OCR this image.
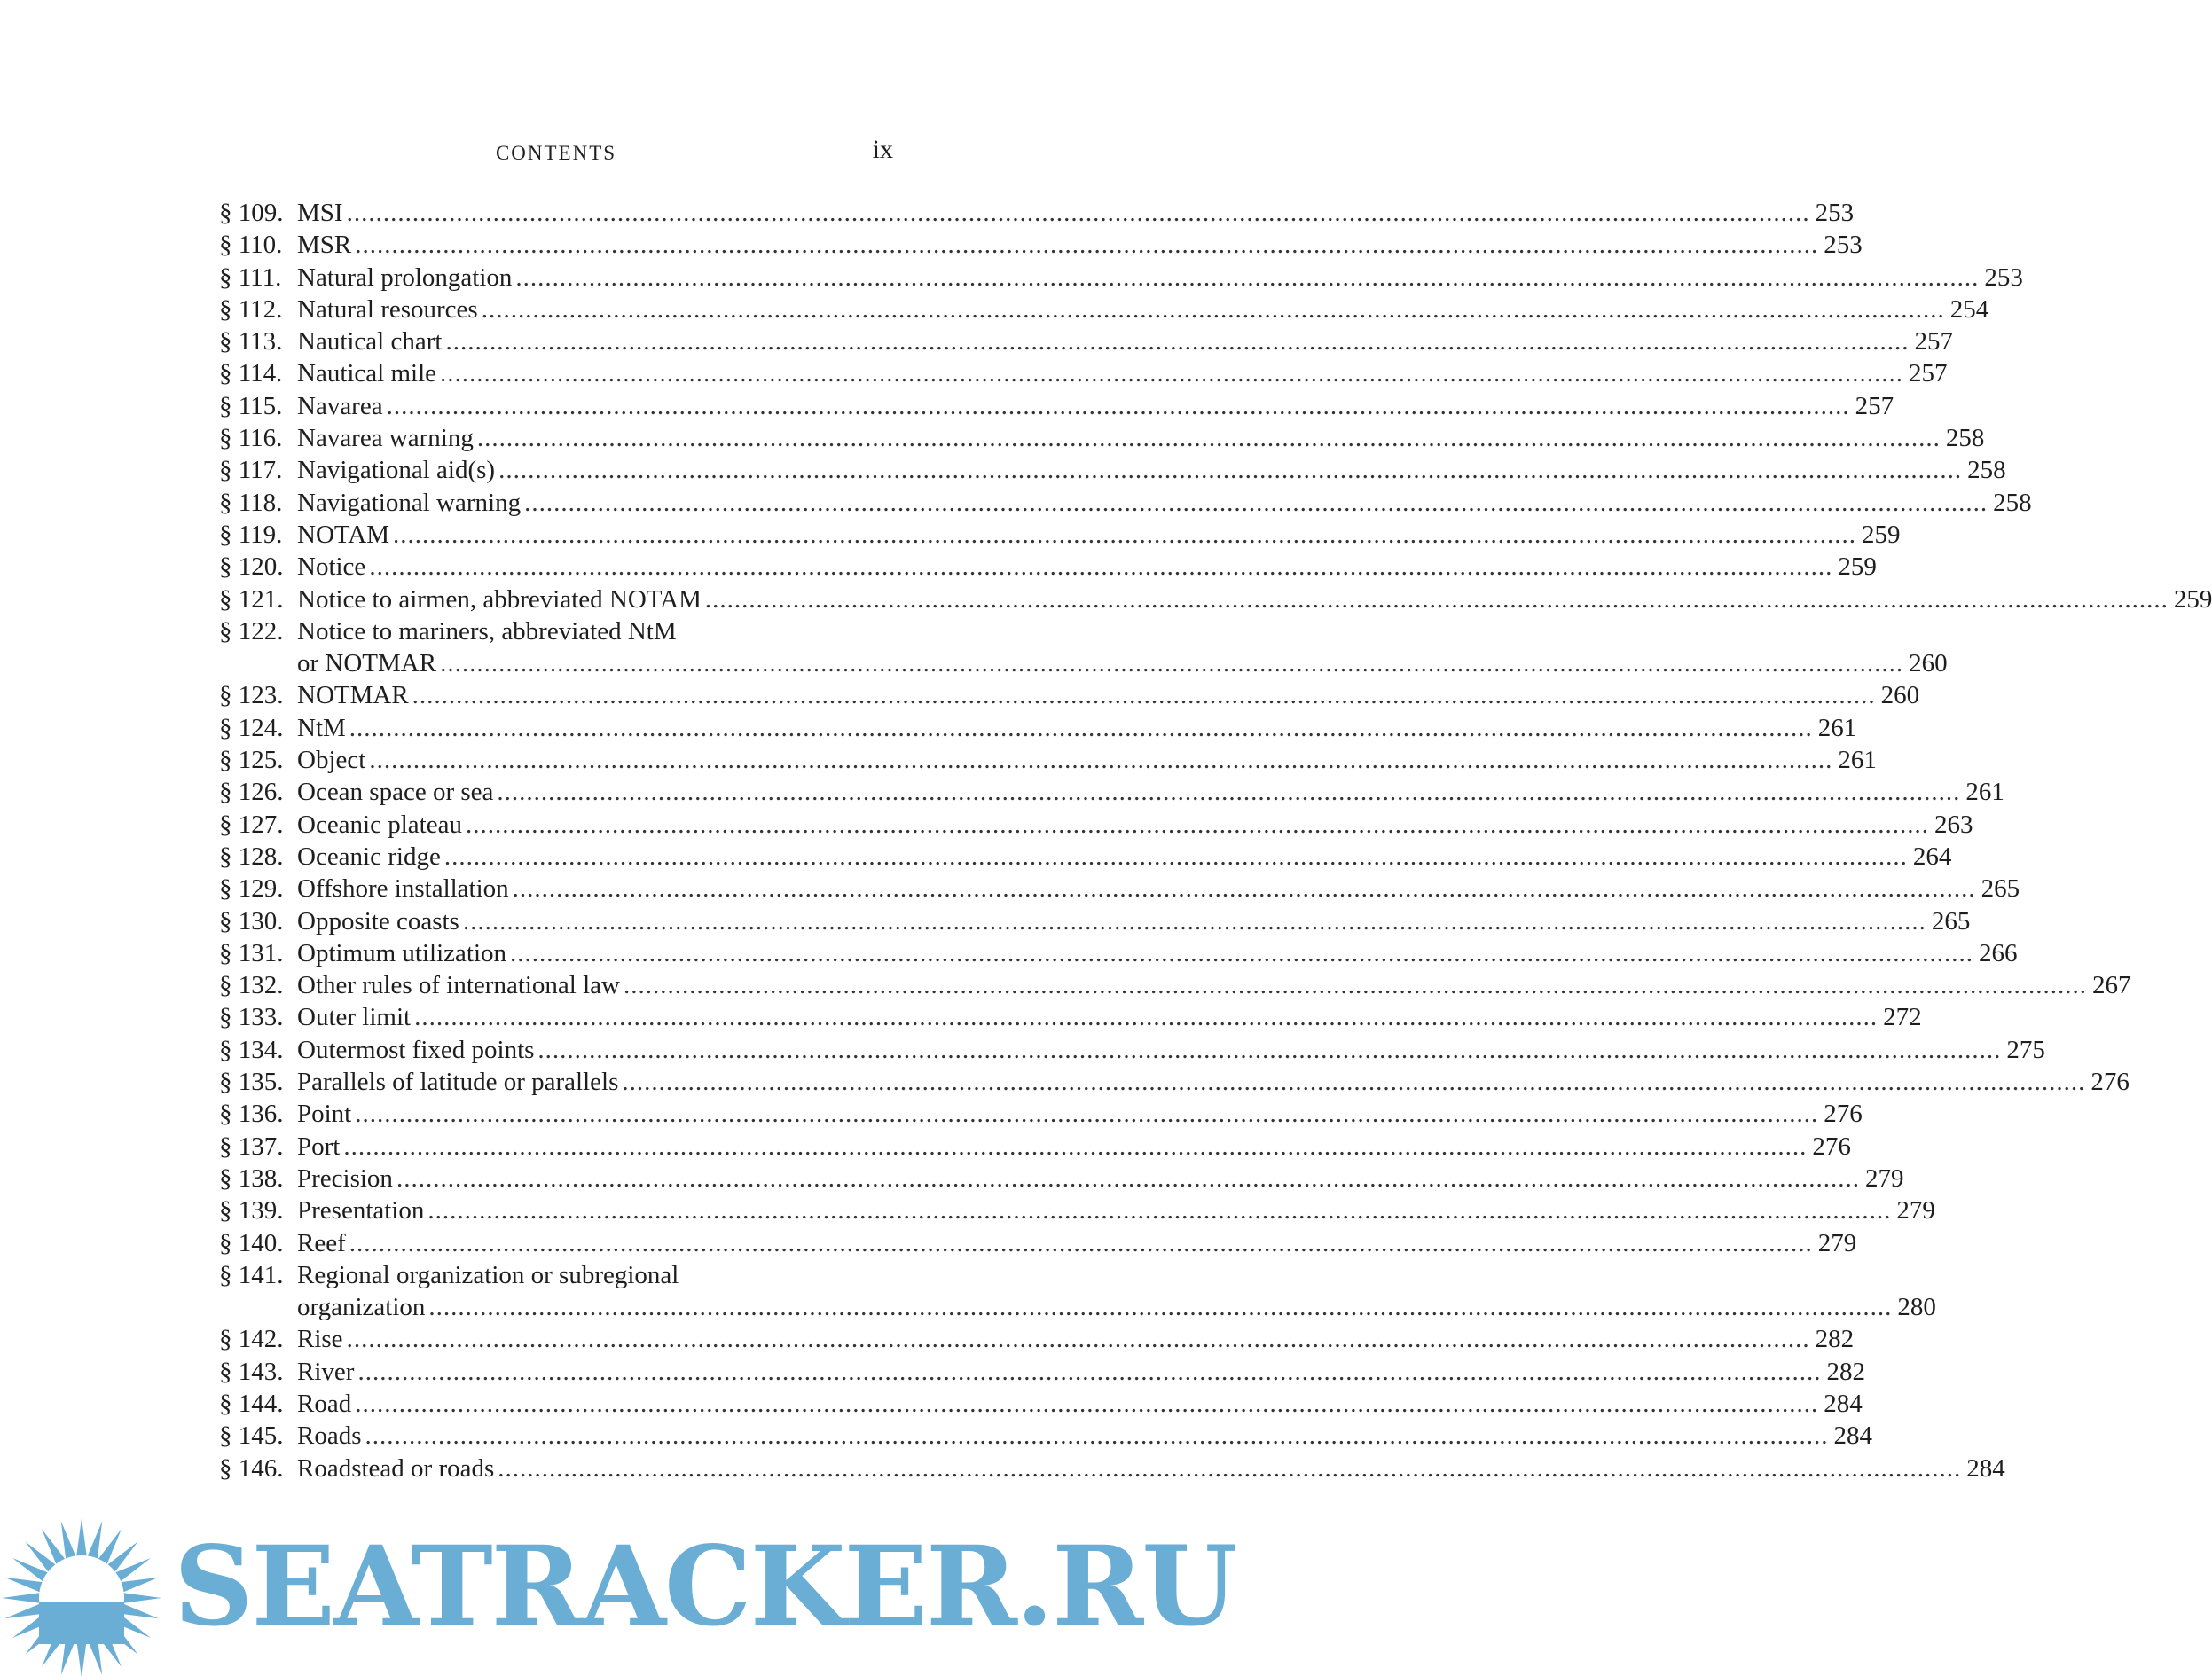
CONTENTS	ix
§ 109. MSI .....	253
§ 110. MSR .....	253
§ 111. Natural prolongation .....	253
§ 112. Natural resources .....	254
§ 113. Nautical chart .....	257
§ 114. Nautical mile .....	257
§ 115. Navarea .....	257
§ 116. Navarea warning .....	258
§ 117. Navigational aid(s) .....	258
§ 118. Navigational warning .....	258
§ 119. NOTAM .....	259
§ 120. Notice .....	259
§ 121. Notice to airmen, abbreviated NOTAM .....	259
§ 122. Notice to mariners, abbreviated NtM
or NOTMAR .....	260
§ 123. NOTMAR .....	260
§ 124. NtM .....	261
§ 125. Object .....	261
§ 126. Ocean space or sea .....	261
§ 127. Oceanic plateau .....	263
§ 128. Oceanic ridge .....	264
§ 129. Offshore installation .....	265
§ 130. Opposite coasts .....	265
§ 131. Optimum utilization .....	266
§ 132. Other rules of international law .....	267
§ 133. Outer limit .....	272
§ 134. Outermost fixed points .....	275
§ 135. Parallels of latitude or parallels .....	276
§ 136. Point .....	276
§ 137. Port .....	276
§ 138. Precision .....	279
§ 139. Presentation .....	279
§ 140. Reef .....	279
§ 141. Regional organization or subregional
organization .....	280
§ 142. Rise .....	282
§ 143. River .....	282
§ 144. Road .....	284
§ 145. Roads .....	284
§ 146. Roadstead or roads .....	284
SEATRACKER.RU
